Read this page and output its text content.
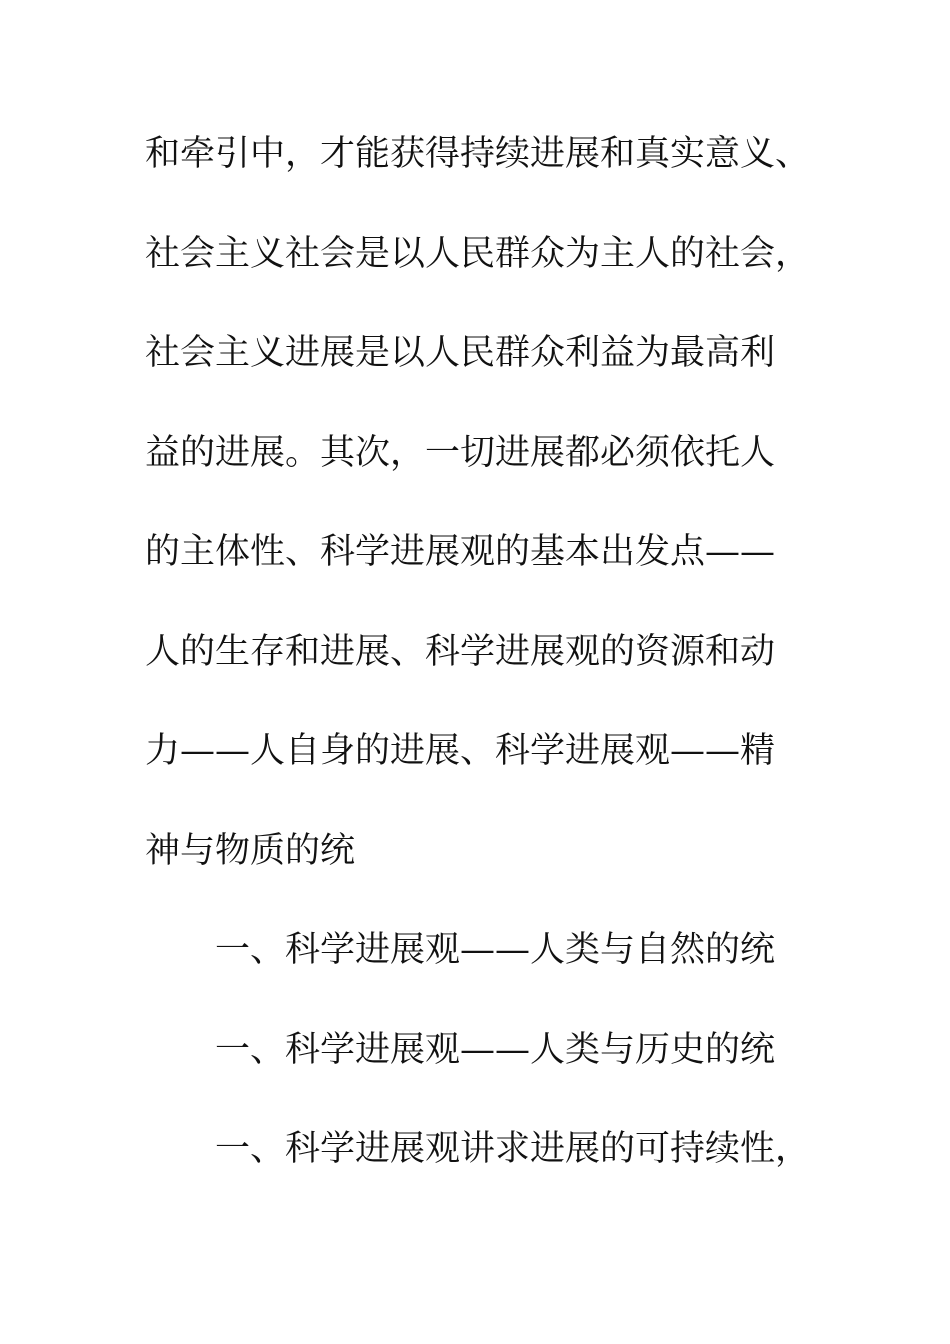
和牵引中，才能获得持续进展和真实意义、
社会主义社会是以人民群众为主人的社会，
社会主义进展是以人民群众利益为最高利
益的进展。其次，一切进展都必须依托人
的主体性、科学进展观的基本出发点——
人的生存和进展、科学进展观的资源和动
力——人自身的进展、科学进展观——精
神与物质的统
一、科学进展观——人类与自然的统
一、科学进展观——人类与历史的统
一、科学进展观讲求进展的可持续性，
